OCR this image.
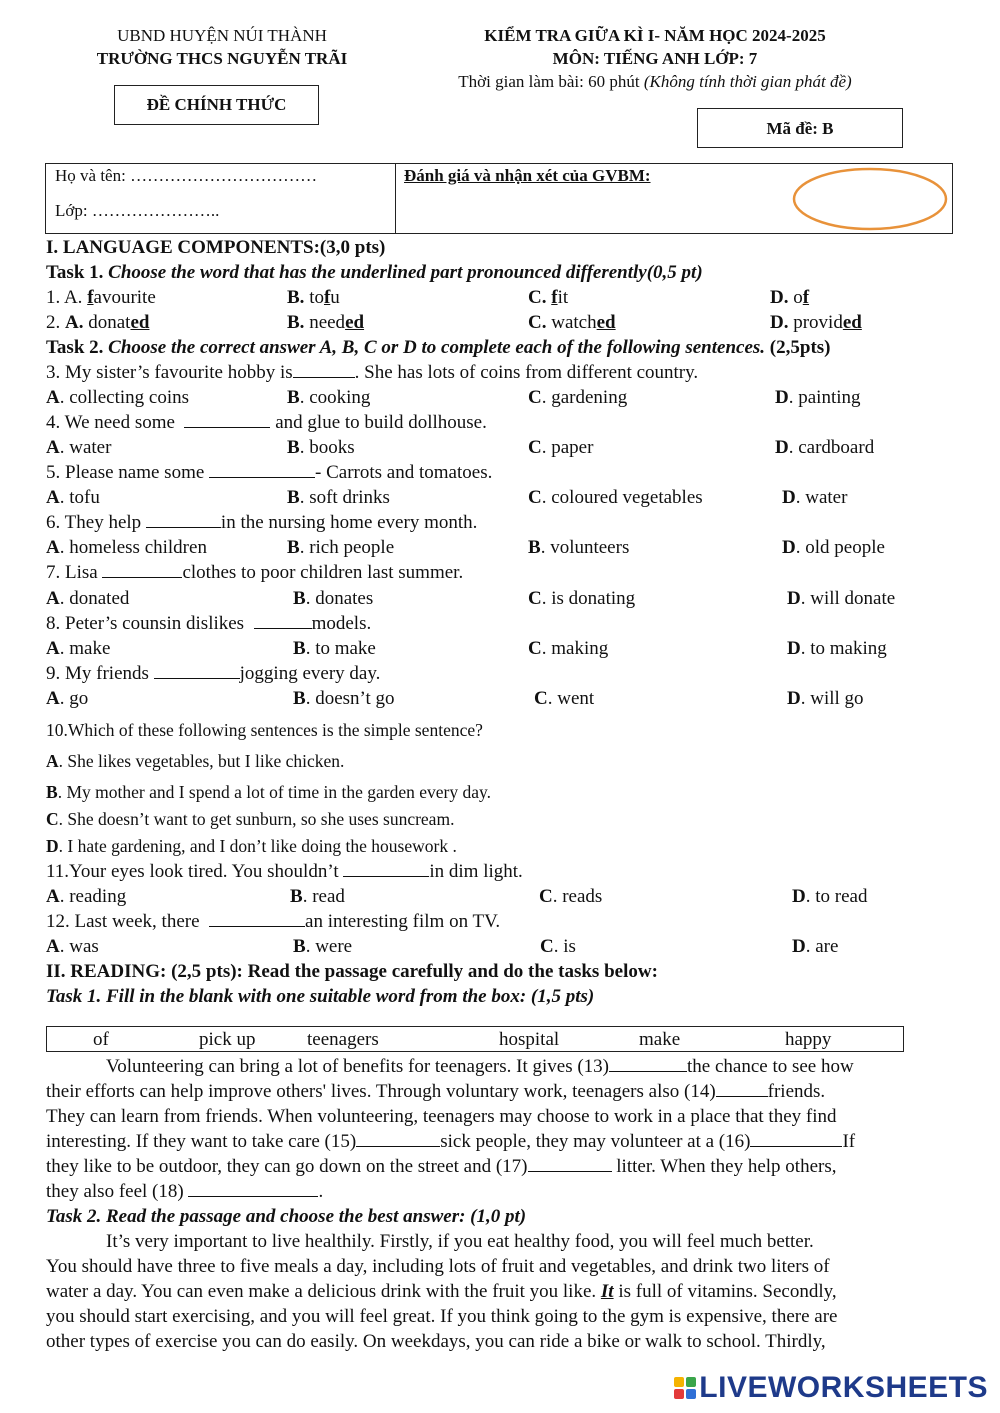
UBND HUYỆN NÚI THÀNH
TRƯỜNG THCS NGUYỄN TRÃI
ĐỀ CHÍNH THỨC
KIỂM TRA GIỮA KÌ I- NĂM HỌC 2024-2025
MÔN: TIẾNG ANH LỚP: 7
Thời gian làm bài: 60 phút (Không tính thời gian phát đề)
Mã đề: B
Họ và tên: ……………………………
Lớp: …………………..
Đánh giá và nhận xét của GVBM:
I. LANGUAGE COMPONENTS:(3,0 pts)
Task 1. Choose the word that has the underlined part pronounced differently(0,5 pt)
1. A. favourite	B. tofu	C. fit	D. of
2. A. donated	B. needed	C. watched	D. provided
Task 2. Choose the correct answer A, B, C or D to complete each of the following sentences. (2,5pts)
3. My sister’s favourite hobby is	. She has lots of coins from different country.
A. collecting coins	B. cooking	C. gardening	D. painting
4. We need some	and glue to build dollhouse.
A. water	B. books	C. paper	D. cardboard
5. Please name some	- Carrots and tomatoes.
A. tofu	B. soft drinks	C. coloured vegetables	D. water
6. They help	in the nursing home every month.
A. homeless children	B. rich people	B. volunteers	D. old people
7. Lisa	clothes to poor children last summer.
A. donated	B. donates	C. is donating	D. will donate
8. Peter’s counsin dislikes	models.
A. make	B. to make	C. making	D. to making
9. My friends	jogging every day.
A. go	B. doesn’t go	C. went	D. will go
10.Which of these following sentences is the simple sentence?
A. She likes vegetables, but I like chicken.
B. My mother and I spend a lot of time in the garden every day.
C. She doesn’t want to get sunburn, so she uses suncream.
D. I hate gardening, and I don’t like doing the housework .
11.Your eyes look tired. You shouldn’t	in dim light.
A. reading	B. read	C. reads	D. to read
12. Last week, there	an interesting film on TV.
A. was	B. were	C. is	D. are
II. READING: (2,5 pts): Read the passage carefully and do the tasks below:
Task 1. Fill in the blank with one suitable word from the box: (1,5 pts)
of	pick up	teenagers	hospital	make	happy
Volunteering can bring a lot of benefits for teenagers. It gives (13)	the chance to see how
their efforts can help improve others' lives. Through voluntary work, teenagers also (14)	friends.
They can learn from friends. When volunteering, teenagers may choose to work in a place that they find
interesting. If they want to take care (15)	sick people, they may volunteer at a (16)	If
they like to be outdoor, they can go down on the street and (17)	litter. When they help others,
they also feel (18)	.
Task 2. Read the passage and choose the best answer: (1,0 pt)
It’s very important to live healthily. Firstly, if you eat healthy food, you will feel much better.
You should have three to five meals a day, including lots of fruit and vegetables, and drink two liters of
water a day. You can even make a delicious drink with the fruit you like. It is full of vitamins. Secondly,
you should start exercising, and you will feel great. If you think going to the gym is expensive, there are
other types of exercise you can do easily. On weekdays, you can ride a bike or walk to school. Thirdly,
LIVEWORKSHEETS
